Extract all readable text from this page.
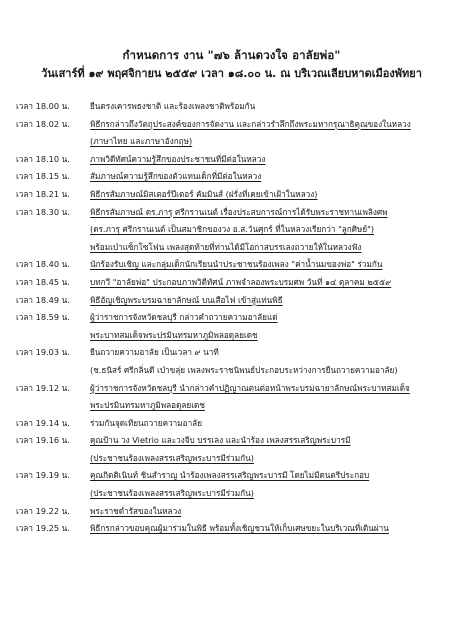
กำหนดการ งาน "๗๖ ล้านดวงใจ อาลัยพ่อ"
วันเสาร์ที่ ๑๙ พฤศจิกายน ๒๕๕๙ เวลา ๑๘.๐๐ น. ณ บริเวณเลียบหาดเมืองพัทยา
เวลา 18.00 น.	ยืนตรงเคารพธงชาติ และร้องเพลงชาติพร้อมกัน
เวลา 18.02 น.	พิธีกรกล่าวถึงวัตถุประสงค์ของการจัดงาน และกล่าวรำลึกถึงพระมหากรุณาธิคุณของในหลวง
(ภาษาไทย และภาษาอังกฤษ)
เวลา 18.10 น.	ภาพวิดีทัศน์ความรู้สึกของประชาชนที่มีต่อในหลวง
เวลา 18.15 น.	สัมภาษณ์ความรู้สึกของตัวแทนเด็กที่มีต่อในหลวง
เวลา 18.21 น.	พิธีกรสัมภาษณ์มิสเตอร์ปีเตอร์ คัมมินส์ (ฝรั่งที่เคยเข้าเฝ้าในหลวง)
เวลา 18.30 น.	พิธีกรสัมภาษณ์ ดร.ภารุ ศรีกรานเนต์ เรื่องประสบการณ์การได้รับพระราชทานเพลิงศพ
(ดร.ภารุ ศรีกรานเนต์ เป็นสมาชิกของวง อ.ส.วันศุกร์ ที่ในหลวงเรียกว่า "ลูกศิษย์")
พร้อมเป่าแซ็กโซโฟน เพลงสุดท้ายที่ท่านได้มีโอกาสบรรเลงถวายให้ในหลวงฟัง
เวลา 18.40 น.	นักร้องรับเชิญ และกลุ่มเด็กนักเรียนนำประชาชนร้องเพลง "ค่าน้ำนมของพ่อ" ร่วมกัน
เวลา 18.45 น.	บทกวี "อาลัยพ่อ" ประกอบภาพวิดีทัศน์ ภาพจำลองพระบรมศพ วันที่ ๑๔ ตุลาคม ๒๕๕๙
เวลา 18.49 น.	พิธีอัญเชิญพระบรมฉายาลักษณ์ บนเสือไฟ เข้าสู่แท่นพิธี
เวลา 18.59 น.	ผู้ว่าราชการจังหวัดชลบุรี กล่าวคำถวายความอาลัยแด่
พระบาทสมเด็จพระปรมินทรมหาภูมิพลอดุลยเดช
เวลา 19.03 น.	ยืนถวายความอาลัย เป็นเวลา ๙ นาที
(ช.ธนิสร์ ศรีกลิ่นดี เป่าขลุ่ย เพลงพระราชนิพนธ์ประกอบระหว่างการยืนถวายความอาลัย)
เวลา 19.12 น.	ผู้ว่าราชการจังหวัดชลบุรี นำกล่าวคำปฏิญาณตนต่อหน้าพระบรมฉายาลักษณ์พระบาทสมเด็จ
พระปรมินทรมหาภูมิพลอดุลยเดช
เวลา 19.14 น.	ร่วมกันจุดเทียนถวายความอาลัย
เวลา 19.16 น.	คุณป้าน วง Vietrio และวงจีบ บรรเลง และนำร้อง เพลงสรรเสริญพระบารมี
(ประชาชนร้องเพลงสรรเสริญพระบารมีร่วมกัน)
เวลา 19.19 น.	คุณกิตติเนินท์ ชินสำราญ นำร้องเพลงสรรเสริญพระบารมี โดยไม่มีดนตรีประกอบ
(ประชาชนร้องเพลงสรรเสริญพระบารมีร่วมกัน)
เวลา 19.22 น.	พระราชดำรัสของในหลวง
เวลา 19.25 น.	พิธีกรกล่าวขอบคุณผู้มาร่วมในพิธี พร้อมทั้งเชิญชวนให้เก็บเศษขยะในบริเวณที่เดินผ่าน
